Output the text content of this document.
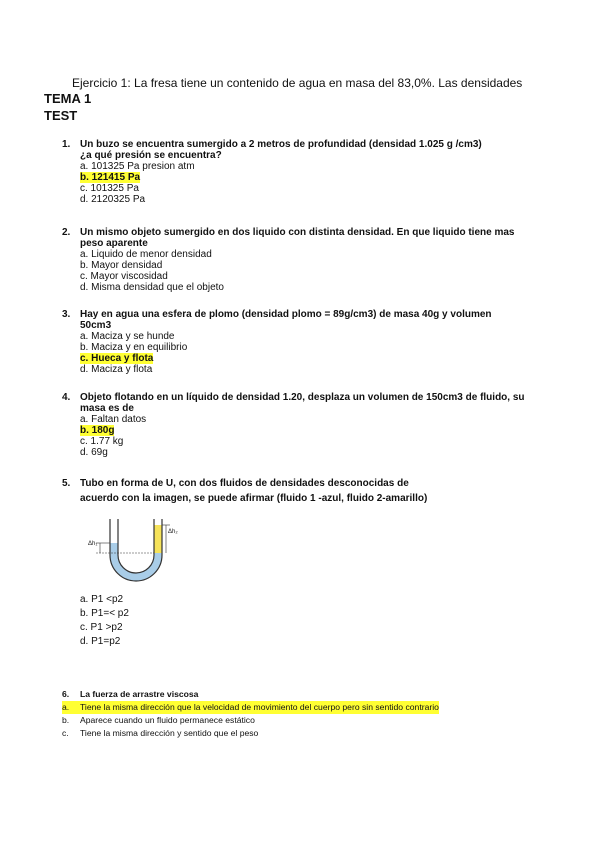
Ejercicio 1: La fresa tiene un contenido de agua en masa del 83,0%. Las densidades
TEMA 1
TEST
1. Un buzo se encuentra sumergido a 2 metros de profundidad (densidad 1.025 g /cm3)
¿a qué presión se encuentra?
a. 101325 Pa presion atm
b. 121415 Pa
c. 101325 Pa
d. 2120325 Pa
2. Un mismo objeto sumergido en dos liquido con distinta densidad. En que liquido tiene mas
peso aparente
a. Liquido de menor densidad
b. Mayor densidad
c. Mayor viscosidad
d. Misma densidad que el objeto
3. Hay en agua una esfera de plomo (densidad plomo = 89g/cm3) de masa 40g y volumen
50cm3
a. Maciza y se hunde
b. Maciza y en equilibrio
c. Hueca y flota
d. Maciza y flota
4. Objeto flotando en un líquido de densidad 1.20, desplaza un volumen de 150cm3 de fluido, su
masa es de
a. Faltan datos
b. 180g
c. 1.77 kg
d. 69g
5. Tubo en forma de U, con dos fluidos de densidades desconocidas de
acuerdo con la imagen, se puede afirmar (fluido 1 -azul, fluido 2-amarillo)
Δh₁
Δh₂
a. P1 <p2
b. P1=< p2
c. P1 >p2
d. P1=p2
6.	La fuerza de arrastre viscosa
a.	Tiene la misma dirección que la velocidad de movimiento del cuerpo pero sin sentido contrario
b.	Aparece cuando un fluido permanece estático
c.	Tiene la misma dirección y sentido que el peso
